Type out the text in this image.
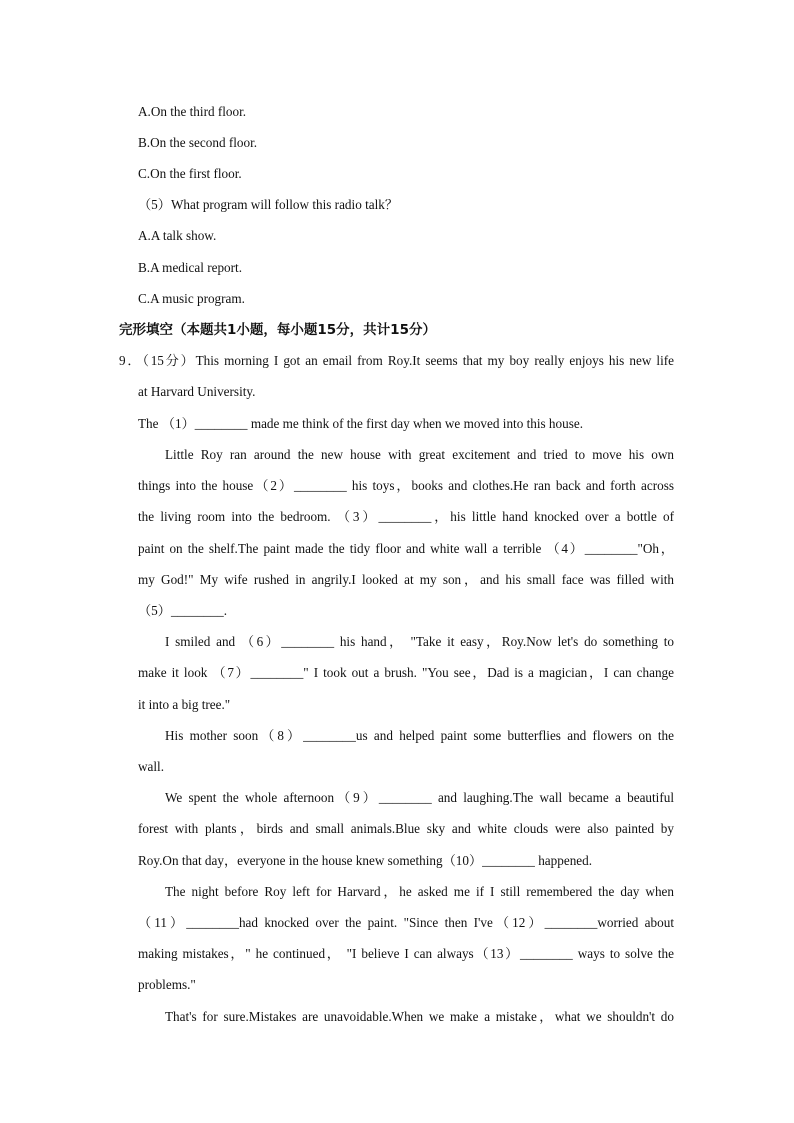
A.On the third floor.
B.On the second floor.
C.On the first floor.
（5）What program will follow this radio talk？
A.A talk show.
B.A medical report.
C.A music program.
完形填空（本题共1小题，每小题15分，共计15分）
9．（15分）This morning I got an email from Roy.It seems that my boy really enjoys his new life
at Harvard University.
The （1）________ made me think of the first day when we moved into this house.
Little Roy ran around the new house with great excitement and tried to move his own
things into the house（2）________ his toys，books and clothes.He ran back and forth across
the living room into the bedroom. （3）________，his little hand knocked over a bottle of
paint on the shelf.The paint made the tidy floor and white wall a terrible （4）________"Oh，
my God!" My wife rushed in angrily.I looked at my son，and his small face was filled with
（5）________.
I smiled and （6）________ his hand， "Take it easy，Roy.Now let's do something to
make it look （7）________" I took out a brush. "You see，Dad is a magician，I can change
it into a big tree."
His mother soon（8）________us and helped paint some butterflies and flowers on the
wall.
We spent the whole afternoon（9）________ and laughing.The wall became a beautiful
forest with plants，birds and small animals.Blue sky and white clouds were also painted by
Roy.On that day，everyone in the house knew something（10）________ happened.
The night before Roy left for Harvard，he asked me if I still remembered the day when
（11）________had knocked over the paint. "Since then I've（12）________worried about
making mistakes，" he continued， "I believe I can always（13）________ ways to solve the
problems."
That's for sure.Mistakes are unavoidable.When we make a mistake，what we shouldn't do
